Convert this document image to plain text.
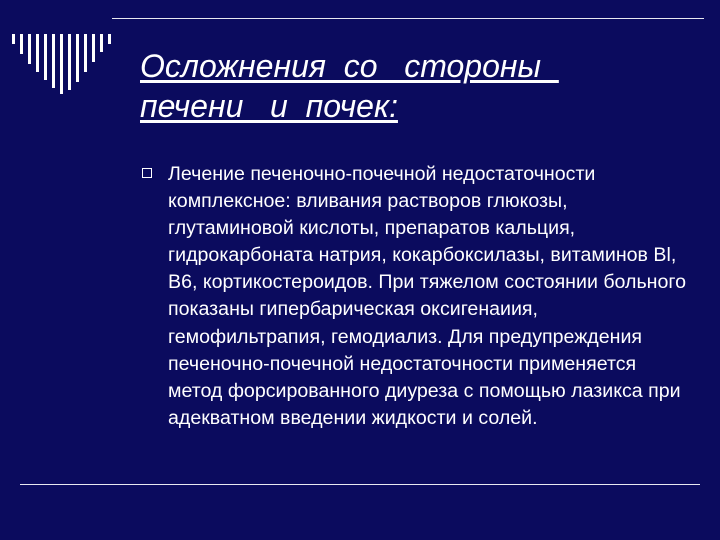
Осложнения  со   стороны
печени   и  почек:
Лечение печеночно-почечной недостаточности комплексное: вливания растворов глюкозы, глутаминовой кислоты, препаратов кальция, гидрокарбоната натрия, кокарбоксилазы, витаминов Bl, B6, кортикостероидов. При тяжелом состоянии больного показаны гипербарическая оксигенаиия, гемофильтрапия, гемодиализ. Для предупреждения печеночно-почечной недостаточности применяется метод форсированного диуреза с помощью лазикса при адекватном введении жидкости и солей.
